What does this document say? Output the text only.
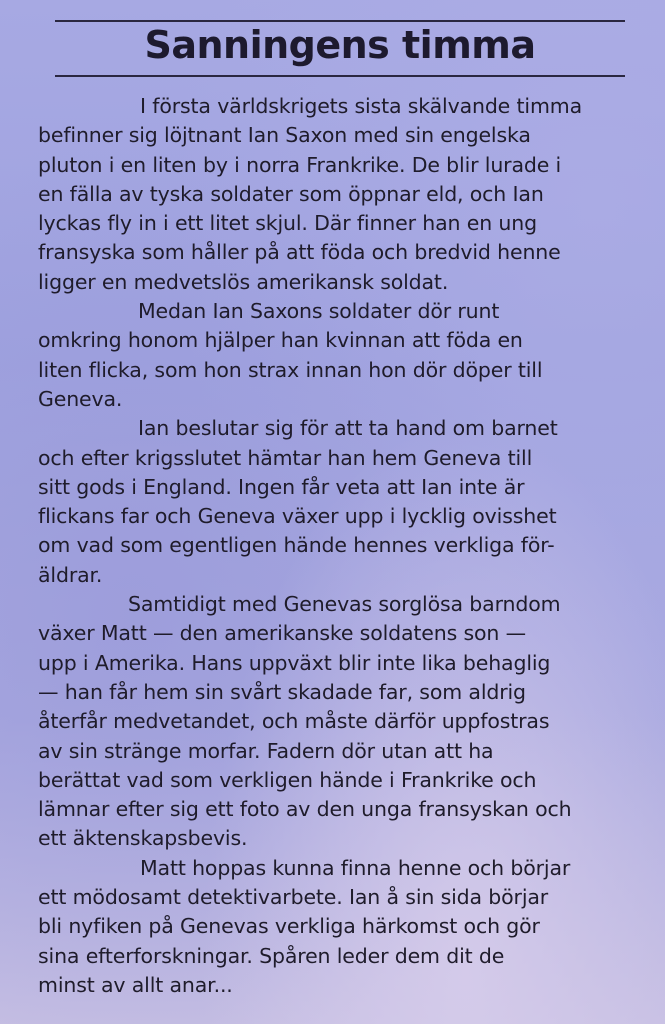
Sanningens timma
I första världskrigets sista skälvande timma
befinner sig löjtnant Ian Saxon med sin engelska
pluton i en liten by i norra Frankrike. De blir lurade i
en fälla av tyska soldater som öppnar eld, och Ian
lyckas fly in i ett litet skjul. Där finner han en ung
fransyska som håller på att föda och bredvid henne
ligger en medvetslös amerikansk soldat.
Medan Ian Saxons soldater dör runt
omkring honom hjälper han kvinnan att föda en
liten flicka, som hon strax innan hon dör döper till
Geneva.
Ian beslutar sig för att ta hand om barnet
och efter krigsslutet hämtar han hem Geneva till
sitt gods i England. Ingen får veta att Ian inte är
flickans far och Geneva växer upp i lycklig ovisshet
om vad som egentligen hände hennes verkliga för-
äldrar.
Samtidigt med Genevas sorglösa barndom
växer Matt — den amerikanske soldatens son —
upp i Amerika. Hans uppväxt blir inte lika behaglig
— han får hem sin svårt skadade far, som aldrig
återfår medvetandet, och måste därför uppfostras
av sin stränge morfar. Fadern dör utan att ha
berättat vad som verkligen hände i Frankrike och
lämnar efter sig ett foto av den unga fransyskan och
ett äktenskapsbevis.
Matt hoppas kunna finna henne och börjar
ett mödosamt detektivarbete. Ian å sin sida börjar
bli nyfiken på Genevas verkliga härkomst och gör
sina efterforskningar. Spåren leder dem dit de
minst av allt anar...
